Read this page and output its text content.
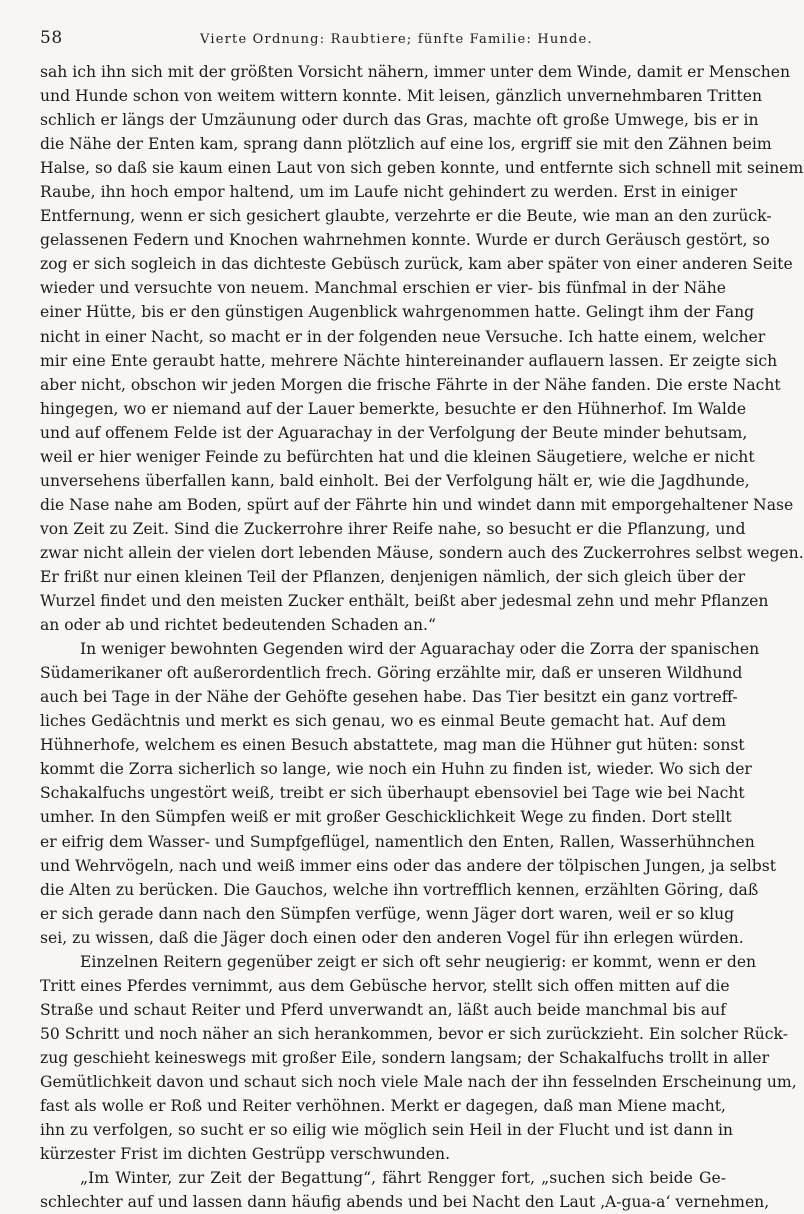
58	Vierte Ordnung: Raubtiere; fünfte Familie: Hunde.
sah ich ihn sich mit der größten Vorsicht nähern, immer unter dem Winde, damit er Menschen
und Hunde schon von weitem wittern konnte. Mit leisen, gänzlich unvernehmbaren Tritten
schlich er längs der Umzäunung oder durch das Gras, machte oft große Umwege, bis er in
die Nähe der Enten kam, sprang dann plötzlich auf eine los, ergriff sie mit den Zähnen beim
Halse, so daß sie kaum einen Laut von sich geben konnte, und entfernte sich schnell mit seinem
Raube, ihn hoch empor haltend, um im Laufe nicht gehindert zu werden. Erst in einiger
Entfernung, wenn er sich gesichert glaubte, verzehrte er die Beute, wie man an den zurück-
gelassenen Federn und Knochen wahrnehmen konnte. Wurde er durch Geräusch gestört, so
zog er sich sogleich in das dichteste Gebüsch zurück, kam aber später von einer anderen Seite
wieder und versuchte von neuem. Manchmal erschien er vier- bis fünfmal in der Nähe
einer Hütte, bis er den günstigen Augenblick wahrgenommen hatte. Gelingt ihm der Fang
nicht in einer Nacht, so macht er in der folgenden neue Versuche. Ich hatte einem, welcher
mir eine Ente geraubt hatte, mehrere Nächte hintereinander auflauern lassen. Er zeigte sich
aber nicht, obschon wir jeden Morgen die frische Fährte in der Nähe fanden. Die erste Nacht
hingegen, wo er niemand auf der Lauer bemerkte, besuchte er den Hühnerhof. Im Walde
und auf offenem Felde ist der Aguarachay in der Verfolgung der Beute minder behutsam,
weil er hier weniger Feinde zu befürchten hat und die kleinen Säugetiere, welche er nicht
unversehens überfallen kann, bald einholt. Bei der Verfolgung hält er, wie die Jagdhunde,
die Nase nahe am Boden, spürt auf der Fährte hin und windet dann mit emporgehaltener Nase
von Zeit zu Zeit. Sind die Zuckerrohre ihrer Reife nahe, so besucht er die Pflanzung, und
zwar nicht allein der vielen dort lebenden Mäuse, sondern auch des Zuckerrohres selbst wegen.
Er frißt nur einen kleinen Teil der Pflanzen, denjenigen nämlich, der sich gleich über der
Wurzel findet und den meisten Zucker enthält, beißt aber jedesmal zehn und mehr Pflanzen
an oder ab und richtet bedeutenden Schaden an.“
In weniger bewohnten Gegenden wird der Aguarachay oder die Zorra der spanischen
Südamerikaner oft außerordentlich frech. Göring erzählte mir, daß er unseren Wildhund
auch bei Tage in der Nähe der Gehöfte gesehen habe. Das Tier besitzt ein ganz vortreff-
liches Gedächtnis und merkt es sich genau, wo es einmal Beute gemacht hat. Auf dem
Hühnerhofe, welchem es einen Besuch abstattete, mag man die Hühner gut hüten: sonst
kommt die Zorra sicherlich so lange, wie noch ein Huhn zu finden ist, wieder. Wo sich der
Schakalfuchs ungestört weiß, treibt er sich überhaupt ebensoviel bei Tage wie bei Nacht
umher. In den Sümpfen weiß er mit großer Geschicklichkeit Wege zu finden. Dort stellt
er eifrig dem Wasser- und Sumpfgeflügel, namentlich den Enten, Rallen, Wasserhühnchen
und Wehrvögeln, nach und weiß immer eins oder das andere der tölpischen Jungen, ja selbst
die Alten zu berücken. Die Gauchos, welche ihn vortrefflich kennen, erzählten Göring, daß
er sich gerade dann nach den Sümpfen verfüge, wenn Jäger dort waren, weil er so klug
sei, zu wissen, daß die Jäger doch einen oder den anderen Vogel für ihn erlegen würden.
Einzelnen Reitern gegenüber zeigt er sich oft sehr neugierig: er kommt, wenn er den
Tritt eines Pferdes vernimmt, aus dem Gebüsche hervor, stellt sich offen mitten auf die
Straße und schaut Reiter und Pferd unverwandt an, läßt auch beide manchmal bis auf
50 Schritt und noch näher an sich herankommen, bevor er sich zurückzieht. Ein solcher Rück-
zug geschieht keineswegs mit großer Eile, sondern langsam; der Schakalfuchs trollt in aller
Gemütlichkeit davon und schaut sich noch viele Male nach der ihn fesselnden Erscheinung um,
fast als wolle er Roß und Reiter verhöhnen. Merkt er dagegen, daß man Miene macht,
ihn zu verfolgen, so sucht er so eilig wie möglich sein Heil in der Flucht und ist dann in
kürzester Frist im dichten Gestrüpp verschwunden.
„Im Winter, zur Zeit der Begattung“, fährt Rengger fort, „suchen sich beide Ge-
schlechter auf und lassen dann häufig abends und bei Nacht den Laut ‚A-gua-a‘ vernehmen,
